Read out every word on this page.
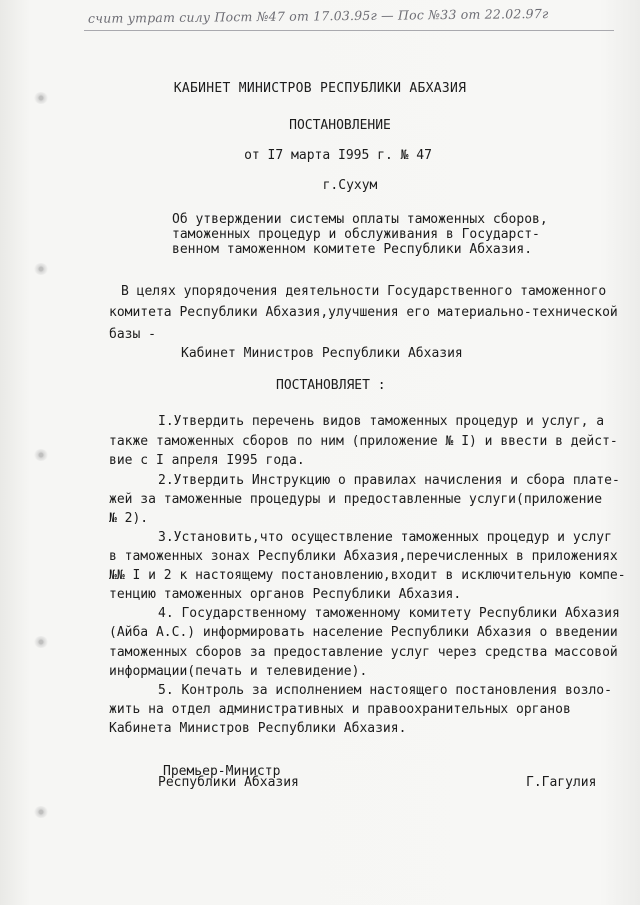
счит утрат силу Пост №47 от 17.03.95г — Пос №33 от 22.02.97г
КАБИНЕТ МИНИСТРОВ РЕСПУБЛИКИ АБХАЗИЯ
ПОСТАНОВЛЕНИЕ
от I7 марта I995 г. № 47
г.Сухум
Об утверждении системы оплаты таможенных сборов,
таможенных процедур и обслуживания в Государст-
венном таможенном комитете Республики Абхазия.
В целях упорядочения деятельности Государственного таможенного
комитета Республики Абхазия,улучшения его материально-технической
базы -
Кабинет Министров Республики Абхазия
ПОСТАНОВЛЯЕТ :
I.Утвердить перечень видов таможенных процедур и услуг, а
также таможенных сборов по ним (приложение № I) и ввести в дейст-
вие с I апреля I995 года.
2.Утвердить Инструкцию о правилах начисления и сбора плате-
жей за таможенные процедуры и предоставленные услуги(приложение
№ 2).
3.Установить,что осуществление таможенных процедур и услуг
в таможенных зонах Республики Абхазия,перечисленных в приложениях
№№ I и 2 к настоящему постановлению,входит в исключительную компе-
тенцию таможенных органов Республики Абхазия.
4. Государственному таможенному комитету Республики Абхазия
(Айба А.С.) информировать население Республики Абхазия о введении
таможенных сборов за предоставление услуг через средства массовой
информации(печать и телевидение).
5. Контроль за исполнением настоящего постановления возло-
жить на отдел административных и правоохранительных органов
Кабинета Министров Республики Абхазия.
Премьер-Министр
Республики Абхазия	Г.Гагулия
